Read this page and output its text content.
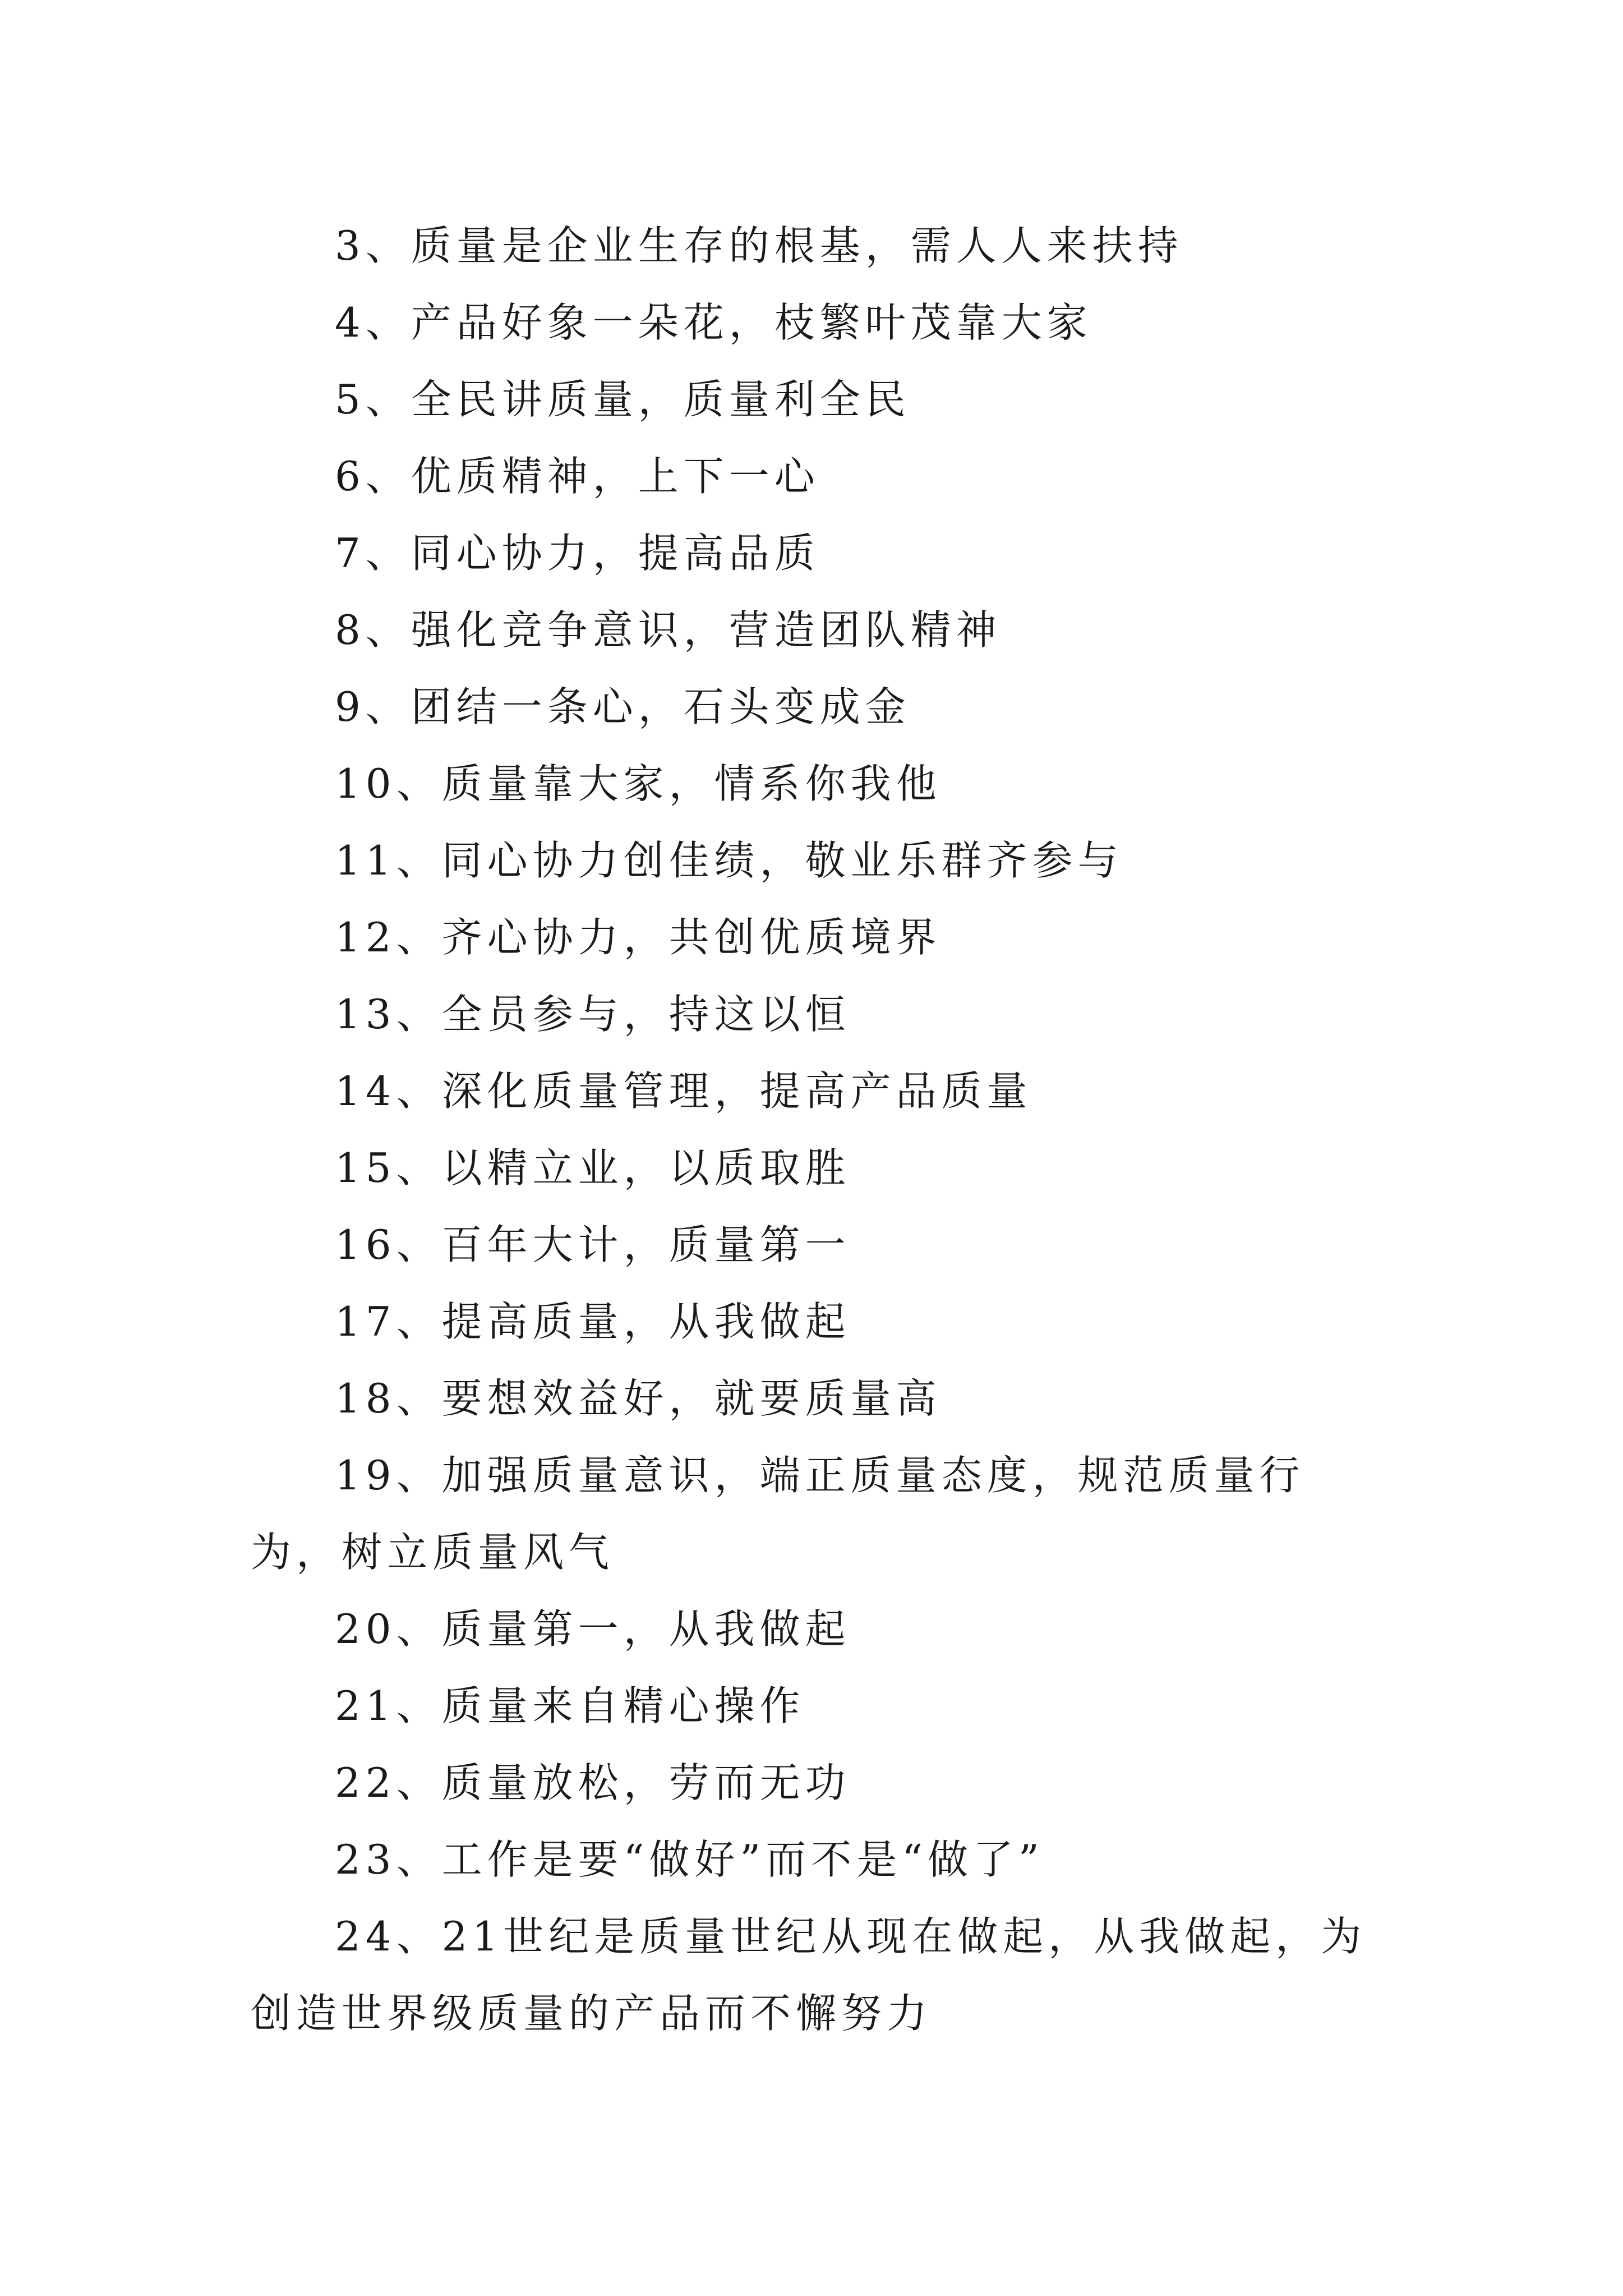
3、质量是企业生存的根基，需人人来扶持

4、产品好象一朵花，枝繁叶茂靠大家

5、全民讲质量，质量利全民

6、优质精神，上下一心

7、同心协力，提高品质

8、强化竞争意识，营造团队精神

9、团结一条心，石头变成金

10、质量靠大家，情系你我他

11、同心协力创佳绩，敬业乐群齐参与

12、齐心协力，共创优质境界

13、全员参与，持这以恒

14、深化质量管理，提高产品质量

15、以精立业，以质取胜

16、百年大计，质量第一

17、提高质量，从我做起

18、要想效益好，就要质量高

19、加强质量意识，端正质量态度，规范质量行为，树立质量风气

20、质量第一，从我做起

21、质量来自精心操作

22、质量放松，劳而无功

23、工作是要“做好”而不是“做了”

24、21世纪是质量世纪从现在做起，从我做起，为创造世界级质量的产品而不懈努力
